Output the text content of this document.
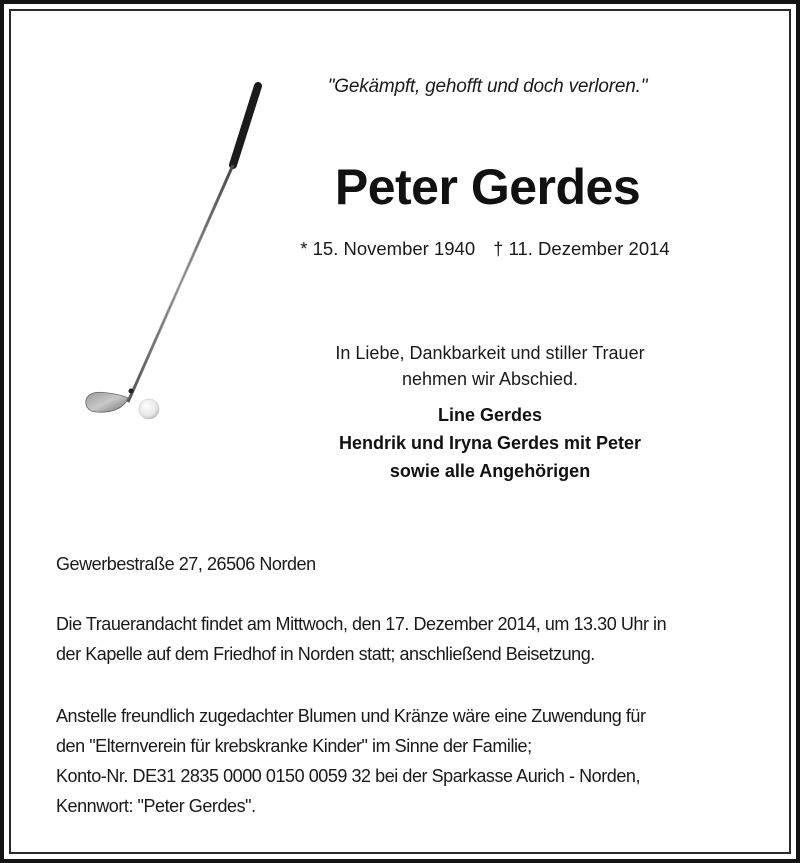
"Gekämpft, gehofft und doch verloren."
Peter Gerdes
* 15. November 1940 † 11. Dezember 2014
In Liebe, Dankbarkeit und stiller Trauer
nehmen wir Abschied.
Line Gerdes
Hendrik und Iryna Gerdes mit Peter
sowie alle Angehörigen
Gewerbestraße 27, 26506 Norden
Die Trauerandacht findet am Mittwoch, den 17. Dezember 2014, um 13.30 Uhr in
der Kapelle auf dem Friedhof in Norden statt; anschließend Beisetzung.
Anstelle freundlich zugedachter Blumen und Kränze wäre eine Zuwendung für
den "Elternverein für krebskranke Kinder" im Sinne der Familie;
Konto-Nr. DE31 2835 0000 0150 0059 32 bei der Sparkasse Aurich - Norden,
Kennwort: "Peter Gerdes".
